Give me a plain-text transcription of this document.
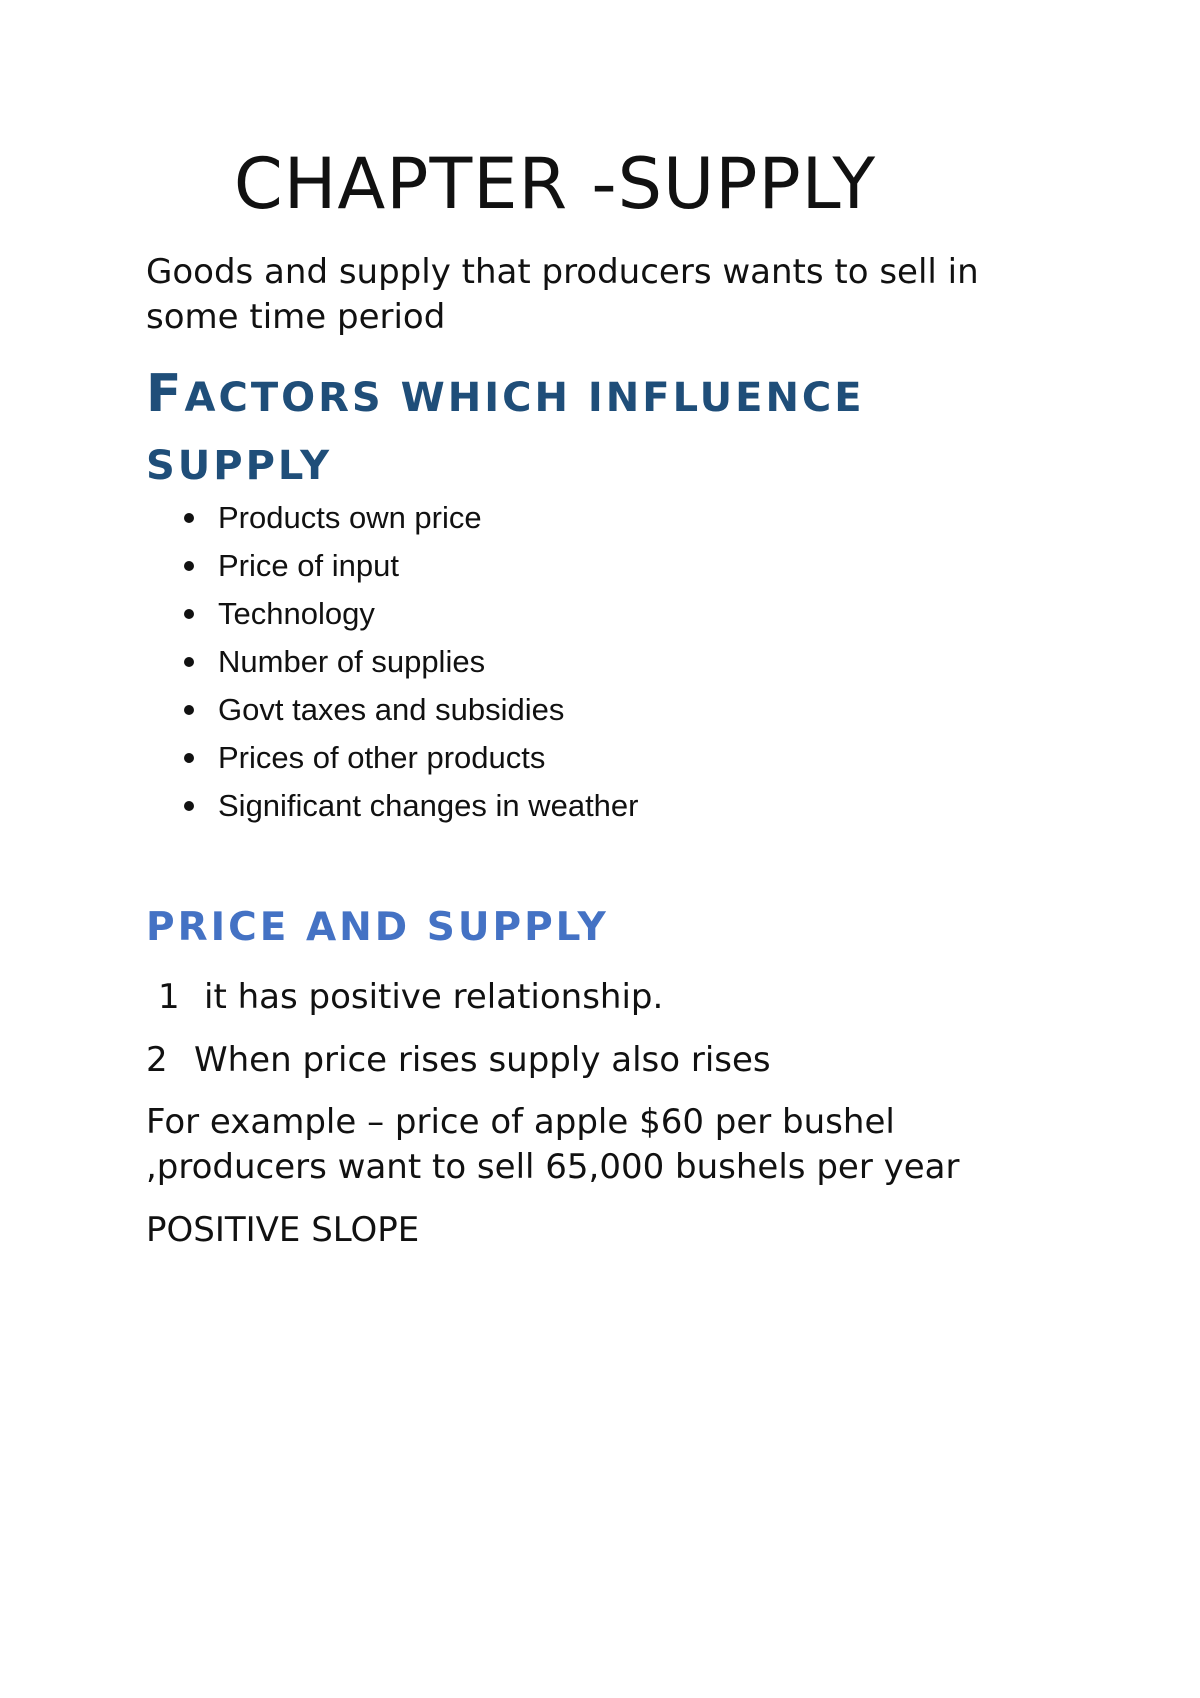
CHAPTER -SUPPLY

Goods and supply that producers wants to sell in some time period

FACTORS WHICH INFLUENCE
SUPPLY
Products own price
Price of input
Technology
Number of supplies
Govt taxes and subsidies
Prices of other products
Significant changes in weather
PRICE AND SUPPLY

1 it has positive relationship.

2 When price rises supply also rises

For example – price of apple $60 per bushel ,producers want to sell 65,000 bushels per year

POSITIVE SLOPE
